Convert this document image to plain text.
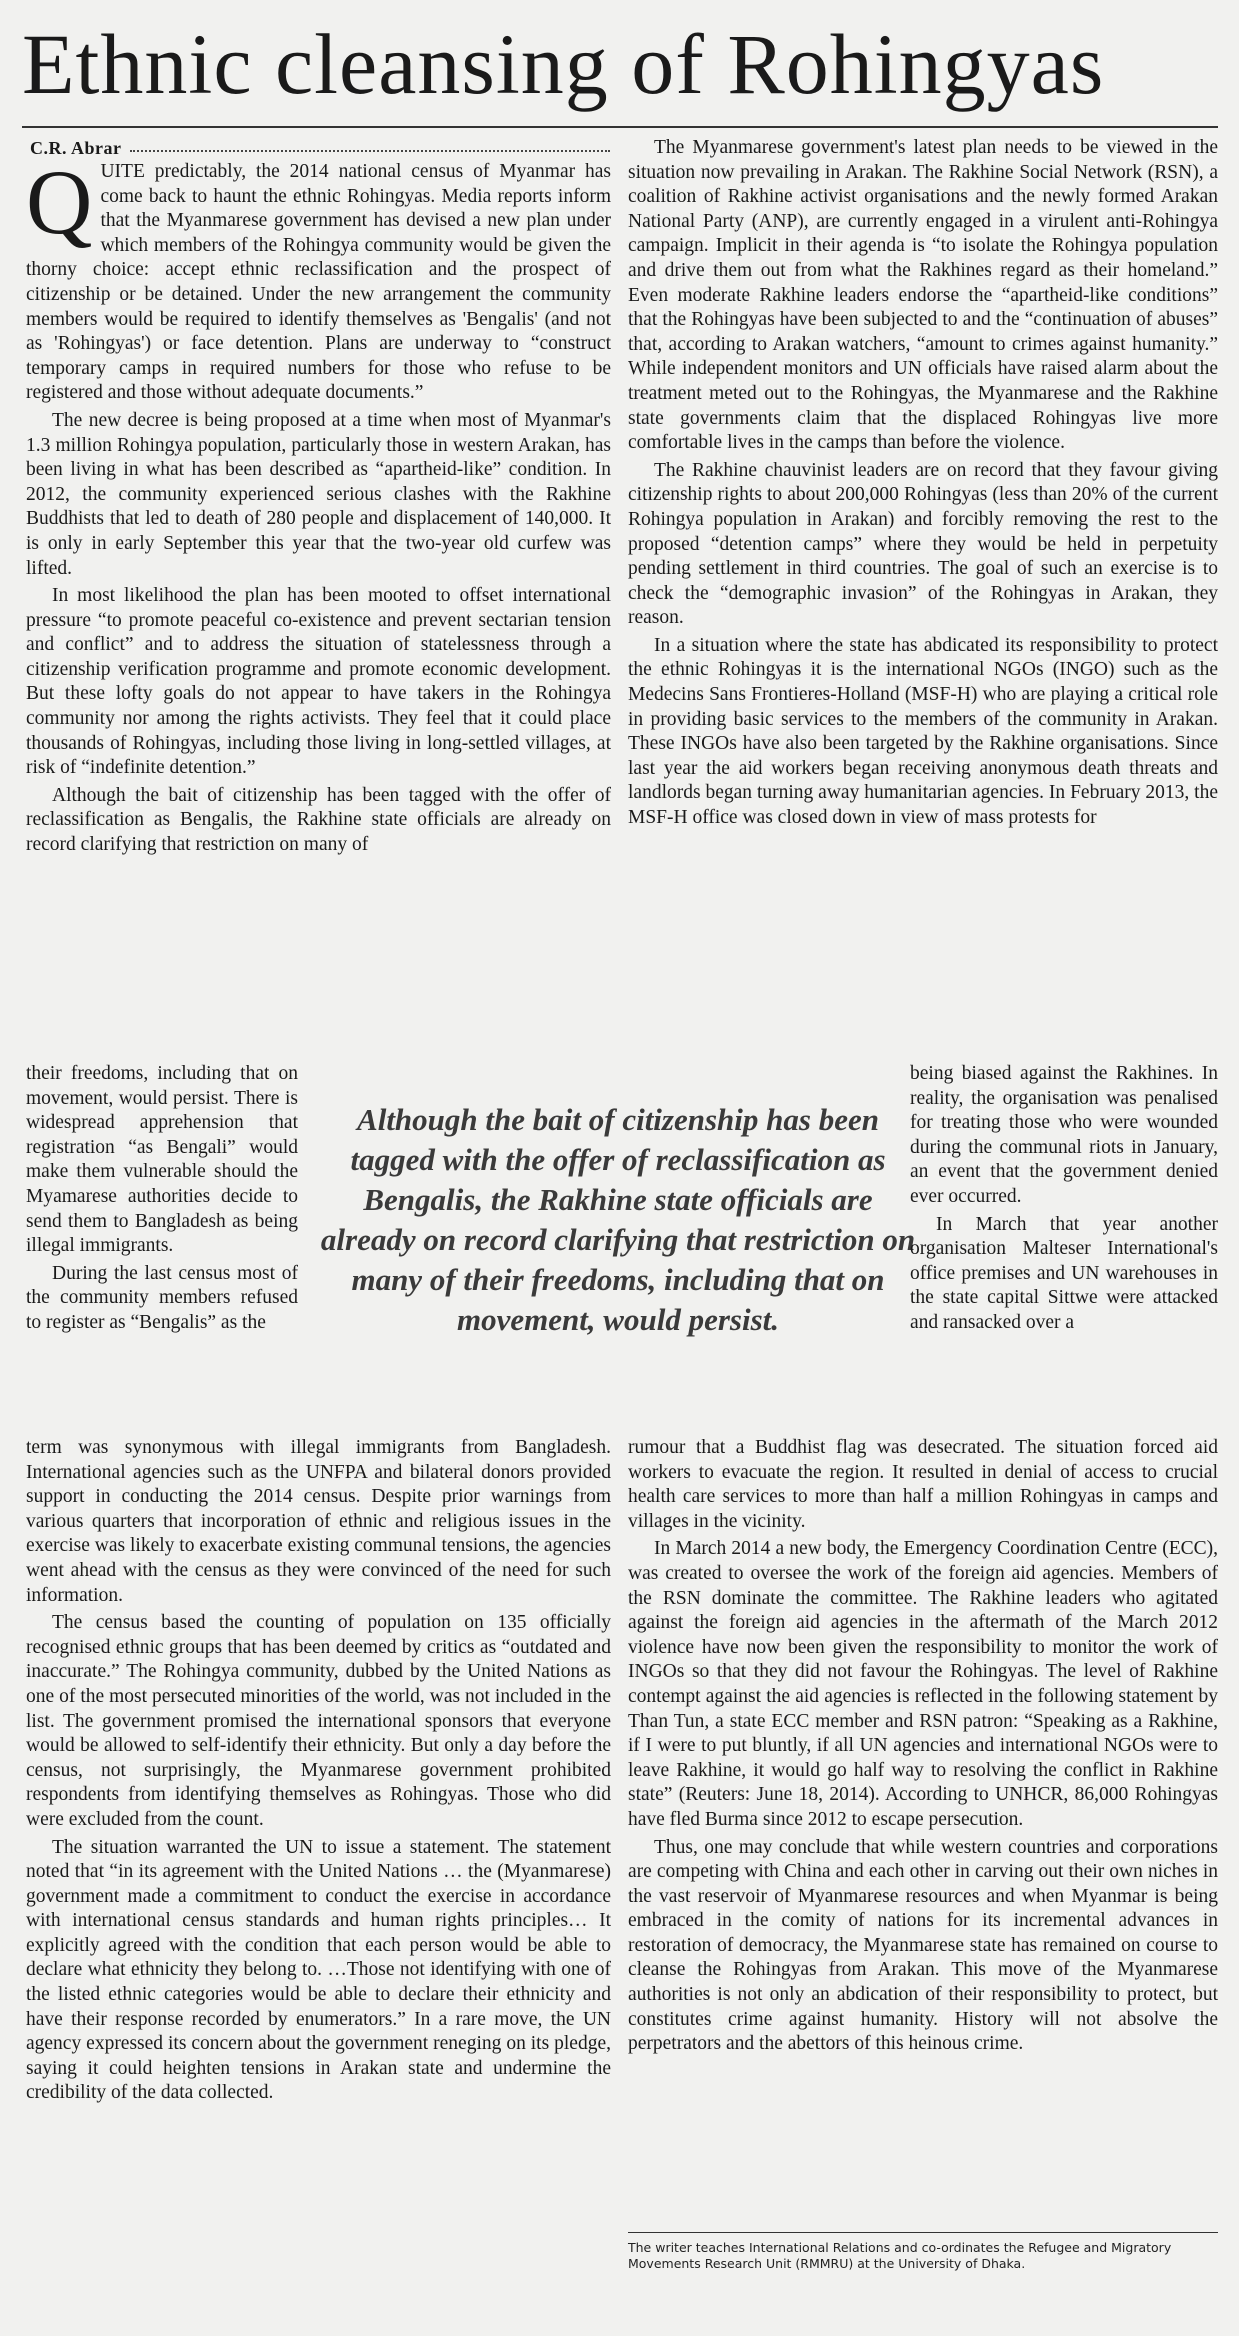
Ethnic cleansing of Rohingyas
C.R. Abrar

QUITE predictably, the 2014 national census of Myanmar has come back to haunt the ethnic Rohingyas. Media reports inform that the Myanmarese government has devised a new plan under which members of the Rohingya community would be given the thorny choice: accept ethnic reclassification and the prospect of citizenship or be detained. Under the new arrangement the community members would be required to identify themselves as 'Bengalis' (and not as 'Rohingyas') or face detention. Plans are underway to “construct temporary camps in required numbers for those who refuse to be registered and those without adequate documents.”

The new decree is being proposed at a time when most of Myanmar's 1.3 million Rohingya population, particularly those in western Arakan, has been living in what has been described as “apartheid-like” condition. In 2012, the community experienced serious clashes with the Rakhine Buddhists that led to death of 280 people and displacement of 140,000. It is only in early September this year that the two-year old curfew was lifted.

In most likelihood the plan has been mooted to offset international pressure “to promote peaceful co-existence and prevent sectarian tension and conflict” and to address the situation of statelessness through a citizenship verification programme and promote economic development. But these lofty goals do not appear to have takers in the Rohingya community nor among the rights activists. They feel that it could place thousands of Rohingyas, including those living in long-settled villages, at risk of “indefinite detention.”

Although the bait of citizenship has been tagged with the offer of reclassification as Bengalis, the Rakhine state officials are already on record clarifying that restriction on many of

their freedoms, including that on movement, would persist. There is widespread apprehension that registration “as Bengali” would make them vulnerable should the Myamarese authorities decide to send them to Bangladesh as being illegal immigrants.

During the last census most of the community members refused to register as “Bengalis” as the

Although the bait of citizenship has been tagged with the offer of reclassification as Bengalis, the Rakhine state officials are already on record clarifying that restriction on many of their freedoms, including that on movement, would persist.

term was synonymous with illegal immigrants from Bangladesh. International agencies such as the UNFPA and bilateral donors provided support in conducting the 2014 census. Despite prior warnings from various quarters that incorporation of ethnic and religious issues in the exercise was likely to exacerbate existing communal tensions, the agencies went ahead with the census as they were convinced of the need for such information.

The census based the counting of population on 135 officially recognised ethnic groups that has been deemed by critics as “outdated and inaccurate.” The Rohingya community, dubbed by the United Nations as one of the most persecuted minorities of the world, was not included in the list. The government promised the international sponsors that everyone would be allowed to self-identify their ethnicity. But only a day before the census, not surprisingly, the Myanmarese government prohibited respondents from identifying themselves as Rohingyas. Those who did were excluded from the count.

The situation warranted the UN to issue a statement. The statement noted that “in its agreement with the United Nations … the (Myanmarese) government made a commitment to conduct the exercise in accordance with international census standards and human rights principles… It explicitly agreed with the condition that each person would be able to declare what ethnicity they belong to. …Those not identifying with one of the listed ethnic categories would be able to declare their ethnicity and have their response recorded by enumerators.” In a rare move, the UN agency expressed its concern about the government reneging on its pledge, saying it could heighten tensions in Arakan state and undermine the credibility of the data collected.

The Myanmarese government's latest plan needs to be viewed in the situation now prevailing in Arakan. The Rakhine Social Network (RSN), a coalition of Rakhine activist organisations and the newly formed Arakan National Party (ANP), are currently engaged in a virulent anti-Rohingya campaign. Implicit in their agenda is “to isolate the Rohingya population and drive them out from what the Rakhines regard as their homeland.” Even moderate Rakhine leaders endorse the “apartheid-like conditions” that the Rohingyas have been subjected to and the “continuation of abuses” that, according to Arakan watchers, “amount to crimes against humanity.” While independent monitors and UN officials have raised alarm about the treatment meted out to the Rohingyas, the Myanmarese and the Rakhine state governments claim that the displaced Rohingyas live more comfortable lives in the camps than before the violence.

The Rakhine chauvinist leaders are on record that they favour giving citizenship rights to about 200,000 Rohingyas (less than 20% of the current Rohingya population in Arakan) and forcibly removing the rest to the proposed “detention camps” where they would be held in perpetuity pending settlement in third countries. The goal of such an exercise is to check the “demographic invasion” of the Rohingyas in Arakan, they reason.

In a situation where the state has abdicated its responsibility to protect the ethnic Rohingyas it is the international NGOs (INGO) such as the Medecins Sans Frontieres-Holland (MSF-H) who are playing a critical role in providing basic services to the members of the community in Arakan. These INGOs have also been targeted by the Rakhine organisations. Since last year the aid workers began receiving anonymous death threats and landlords began turning away humanitarian agencies. In February 2013, the MSF-H office was closed down in view of mass protests for

being biased against the Rakhines. In reality, the organisation was penalised for treating those who were wounded during the communal riots in January, an event that the government denied ever occurred.

In March that year another organisation Malteser International's office premises and UN warehouses in the state capital Sittwe were attacked and ransacked over a

rumour that a Buddhist flag was desecrated. The situation forced aid workers to evacuate the region. It resulted in denial of access to crucial health care services to more than half a million Rohingyas in camps and villages in the vicinity.

In March 2014 a new body, the Emergency Coordination Centre (ECC), was created to oversee the work of the foreign aid agencies. Members of the RSN dominate the committee. The Rakhine leaders who agitated against the foreign aid agencies in the aftermath of the March 2012 violence have now been given the responsibility to monitor the work of INGOs so that they did not favour the Rohingyas. The level of Rakhine contempt against the aid agencies is reflected in the following statement by Than Tun, a state ECC member and RSN patron: “Speaking as a Rakhine, if I were to put bluntly, if all UN agencies and international NGOs were to leave Rakhine, it would go half way to resolving the conflict in Rakhine state” (Reuters: June 18, 2014). According to UNHCR, 86,000 Rohingyas have fled Burma since 2012 to escape persecution.

Thus, one may conclude that while western countries and corporations are competing with China and each other in carving out their own niches in the vast reservoir of Myanmarese resources and when Myanmar is being embraced in the comity of nations for its incremental advances in restoration of democracy, the Myanmarese state has remained on course to cleanse the Rohingyas from Arakan. This move of the Myanmarese authorities is not only an abdication of their responsibility to protect, but constitutes crime against humanity. History will not absolve the perpetrators and the abettors of this heinous crime.

The writer teaches International Relations and co-ordinates the Refugee and Migratory Movements Research Unit (RMMRU) at the University of Dhaka.
